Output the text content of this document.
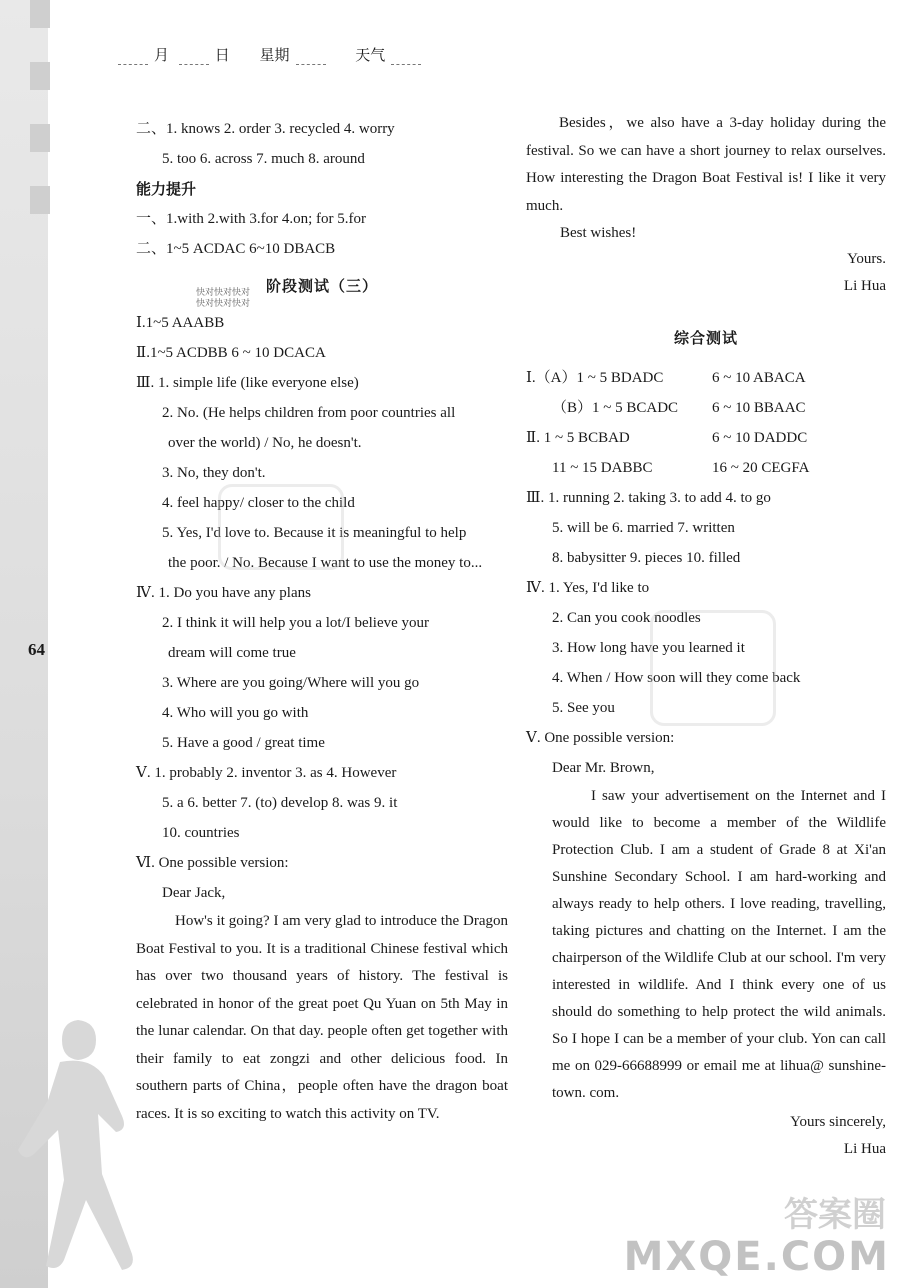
64
月	日 星期	天气
二、1. knows 2. order 3. recycled 4. worry
5. too 6. across 7. much 8. around
能力提升
一、1.with 2.with 3.for 4.on; for 5.for
二、1~5 ACDAC 6~10 DBACB
阶段测试（三）
Ⅰ.1~5 AAABB
Ⅱ.1~5 ACDBB 6 ~ 10 DCACA
Ⅲ. 1. simple life (like everyone else)
2. No. (He helps children from poor countries all
over the world) / No, he doesn't.
3. No, they don't.
4. feel happy/ closer to the child
5. Yes, I'd love to. Because it is meaningful to help
the poor. / No. Because I want to use the money to...
Ⅳ. 1. Do you have any plans
2. I think it will help you a lot/I believe your
dream will come true
3. Where are you going/Where will you go
4. Who will you go with
5. Have a good / great time
Ⅴ. 1. probably 2. inventor 3. as 4. However
5. a 6. better 7. (to) develop 8. was 9. it
10. countries
Ⅵ. One possible version:
Dear Jack,
How's it going? I am very glad to introduce the Dragon Boat Festival to you. It is a traditional Chinese festival which has over two thousand years of history. The festival is celebrated in honor of the great poet Qu Yuan on 5th May in the lunar calendar. On that day. people often get together with their family to eat zongzi and other delicious food. In southern parts of China，people often have the dragon boat races. It is so exciting to watch this activity on TV.
Besides，we also have a 3-day holiday during the festival. So we can have a short journey to relax ourselves. How interesting the Dragon Boat Festival is! I like it very much.
Best wishes!
Yours.
Li Hua
综合测试
Ⅰ.（A）1 ~ 5 BDADC	6 ~ 10 ABACA
（B）1 ~ 5 BCADC 6 ~ 10 BBAAC
Ⅱ. 1 ~ 5 BCBAD	6 ~ 10 DADDC
11 ~ 15 DABBC	16 ~ 20 CEGFA
Ⅲ. 1. running 2. taking 3. to add 4. to go
5. will be 6. married 7. written
8. babysitter 9. pieces 10. filled
Ⅳ. 1. Yes, I'd like to
2. Can you cook noodles
3. How long have you learned it
4. When / How soon will they come back
5. See you
Ⅴ. One possible version:
Dear Mr. Brown,
I saw your advertisement on the Internet and I would like to become a member of the Wildlife Protection Club. I am a student of Grade 8 at Xi'an Sunshine Secondary School. I am hard-working and always ready to help others. I love reading, travelling, taking pictures and chatting on the Internet. I am the chairperson of the Wildlife Club at our school. I'm very interested in wildlife. And I think every one of us should do something to help protect the wild animals. So I hope I can be a member of your club. Yon can call me on 029-66688999 or email me at lihua@ sunshine-town. com.
Yours sincerely,
Li Hua
快对快对快对
快对快对快对
答案圈
MXQE.COM
